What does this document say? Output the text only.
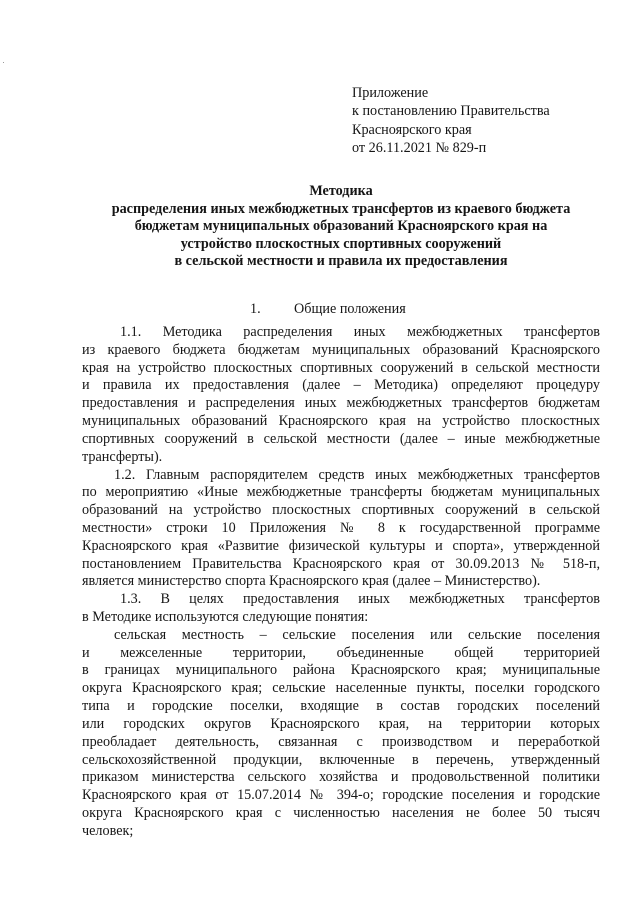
Приложение
к постановлению Правительства
Красноярского края
от 26.11.2021 № 829-п
Методика
распределения иных межбюджетных трансфертов из краевого бюджета
бюджетам муниципальных образований Красноярского края на
устройство плоскостных спортивных сооружений
в сельской местности и правила их предоставления
1. Общие положения
1.1. Методика распределения иных межбюджетных трансфертов
из краевого бюджета бюджетам муниципальных образований Красноярского
края на устройство плоскостных спортивных сооружений в сельской местности
и правила их предоставления (далее – Методика) определяют процедуру
предоставления и распределения иных межбюджетных трансфертов бюджетам
муниципальных образований Красноярского края на устройство плоскостных
спортивных сооружений в сельской местности (далее – иные межбюджетные
трансферты).
1.2. Главным распорядителем средств иных межбюджетных трансфертов
по мероприятию «Иные межбюджетные трансферты бюджетам муниципальных
образований на устройство плоскостных спортивных сооружений в сельской
местности» строки 10 Приложения № 8 к государственной программе
Красноярского края «Развитие физической культуры и спорта», утвержденной
постановлением Правительства Красноярского края от 30.09.2013 № 518-п,
является министерство спорта Красноярского края (далее – Министерство).
1.3. В целях предоставления иных межбюджетных трансфертов
в Методике используются следующие понятия:
сельская местность – сельские поселения или сельские поселения
и межселенные территории, объединенные общей территорией
в границах муниципального района Красноярского края; муниципальные
округа Красноярского края; сельские населенные пункты, поселки городского
типа и городские поселки, входящие в состав городских поселений
или городских округов Красноярского края, на территории которых
преобладает деятельность, связанная с производством и переработкой
сельскохозяйственной продукции, включенные в перечень, утвержденный
приказом министерства сельского хозяйства и продовольственной политики
Красноярского края от 15.07.2014 № 394-о; городские поселения и городские
округа Красноярского края с численностью населения не более 50 тысяч
человек;
